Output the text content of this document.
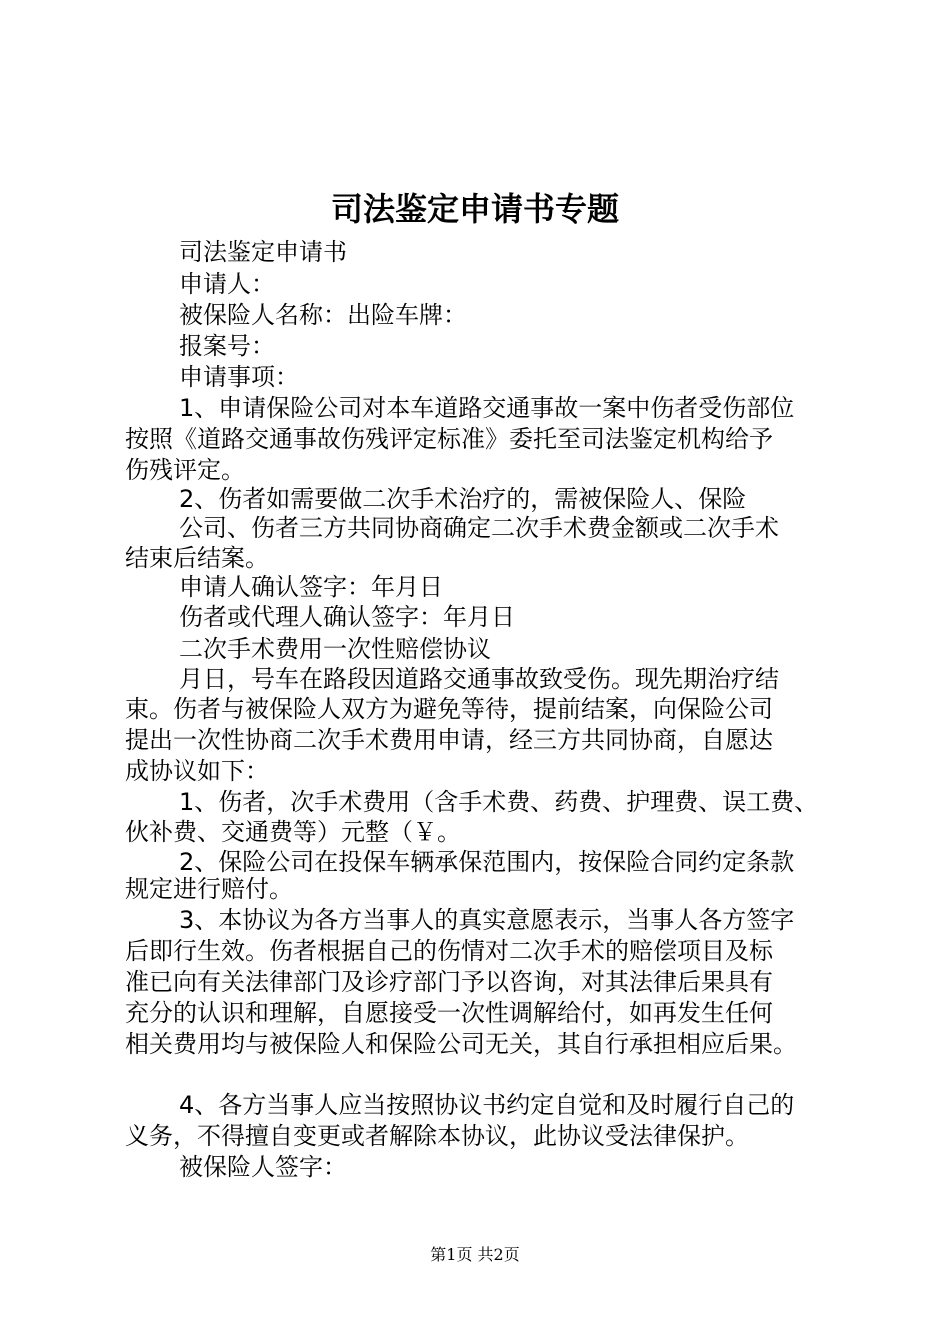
司法鉴定申请书专题
司法鉴定申请书
申请人：
被保险人名称：出险车牌：
报案号：
申请事项：
1、申请保险公司对本车道路交通事故一案中伤者受伤部位
按照《道路交通事故伤残评定标准》委托至司法鉴定机构给予
伤残评定。
2、伤者如需要做二次手术治疗的，需被保险人、保险
公司、伤者三方共同协商确定二次手术费金额或二次手术
结束后结案。
申请人确认签字：年月日
伤者或代理人确认签字：年月日
二次手术费用一次性赔偿协议
月日，号车在路段因道路交通事故致受伤。现先期治疗结
束。伤者与被保险人双方为避免等待，提前结案，向保险公司
提出一次性协商二次手术费用申请，经三方共同协商，自愿达
成协议如下：
1、伤者，次手术费用（含手术费、药费、护理费、误工费、
伙补费、交通费等）元整（￥。
2、保险公司在投保车辆承保范围内，按保险合同约定条款
规定进行赔付。
3、本协议为各方当事人的真实意愿表示，当事人各方签字
后即行生效。伤者根据自己的伤情对二次手术的赔偿项目及标
准已向有关法律部门及诊疗部门予以咨询，对其法律后果具有
充分的认识和理解，自愿接受一次性调解给付，如再发生任何
相关费用均与被保险人和保险公司无关，其自行承担相应后果。
4、各方当事人应当按照协议书约定自觉和及时履行自己的
义务，不得擅自变更或者解除本协议，此协议受法律保护。
被保险人签字：
第1页 共2页
